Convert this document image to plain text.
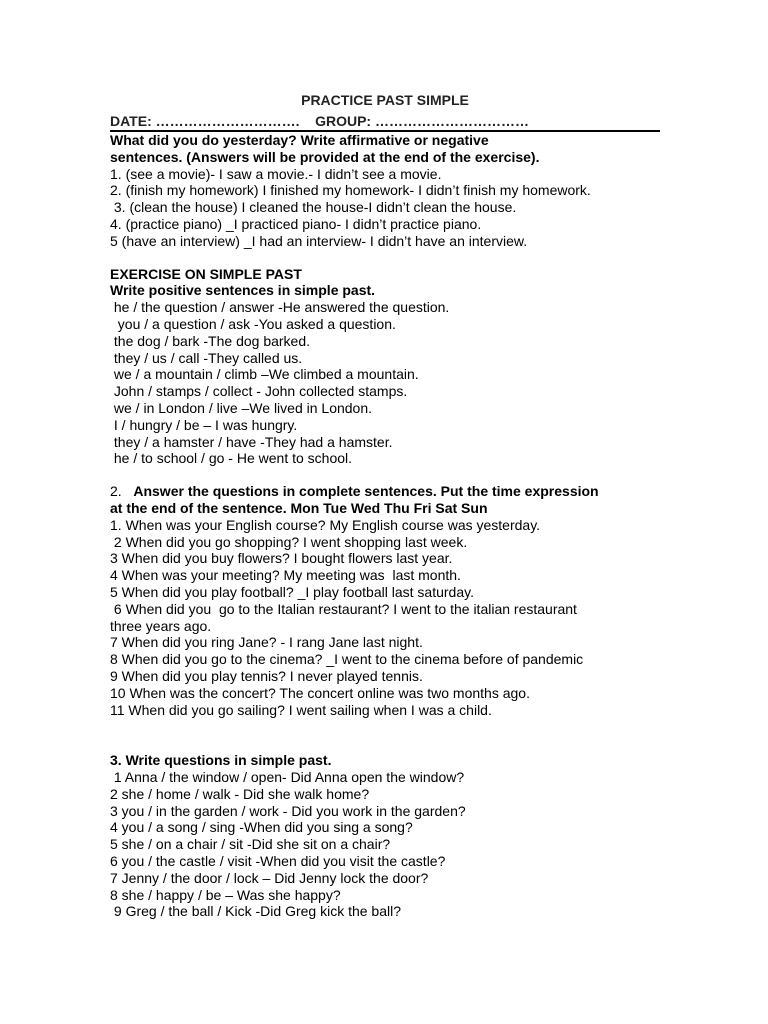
PRACTICE PAST SIMPLE
DATE: ………………………….    GROUP: ……………………………
What did you do yesterday? Write affirmative or negative
sentences. (Answers will be provided at the end of the exercise).
1. (see a movie)- I saw a movie.- I didn’t see a movie.
2. (finish my homework) I finished my homework- I didn’t finish my homework.
3. (clean the house) I cleaned the house-I didn’t clean the house.
4. (practice piano) _I practiced piano- I didn’t practice piano.
5 (have an interview) _I had an interview- I didn’t have an interview.
EXERCISE ON SIMPLE PAST
Write positive sentences in simple past.
he / the question / answer -He answered the question.
you / a question / ask -You asked a question.
the dog / bark -The dog barked.
they / us / call -They called us.
we / a mountain / climb –We climbed a mountain.
John / stamps / collect - John collected stamps.
we / in London / live –We lived in London.
I / hungry / be – I was hungry.
they / a hamster / have -They had a hamster.
he / to school / go - He went to school.
2.   Answer the questions in complete sentences. Put the time expression
at the end of the sentence. Mon Tue Wed Thu Fri Sat Sun
1. When was your English course? My English course was yesterday.
2 When did you go shopping? I went shopping last week.
3 When did you buy flowers? I bought flowers last year.
4 When was your meeting? My meeting was  last month.
5 When did you play football? _I play football last saturday.
6 When did you  go to the Italian restaurant? I went to the italian restaurant
three years ago.
7 When did you ring Jane? - I rang Jane last night.
8 When did you go to the cinema? _I went to the cinema before of pandemic
9 When did you play tennis? I never played tennis.
10 When was the concert? The concert online was two months ago.
11 When did you go sailing? I went sailing when I was a child.
3. Write questions in simple past.
1 Anna / the window / open- Did Anna open the window?
2 she / home / walk - Did she walk home?
3 you / in the garden / work - Did you work in the garden?
4 you / a song / sing -When did you sing a song?
5 she / on a chair / sit -Did she sit on a chair?
6 you / the castle / visit -When did you visit the castle?
7 Jenny / the door / lock – Did Jenny lock the door?
8 she / happy / be – Was she happy?
9 Greg / the ball / Kick -Did Greg kick the ball?
